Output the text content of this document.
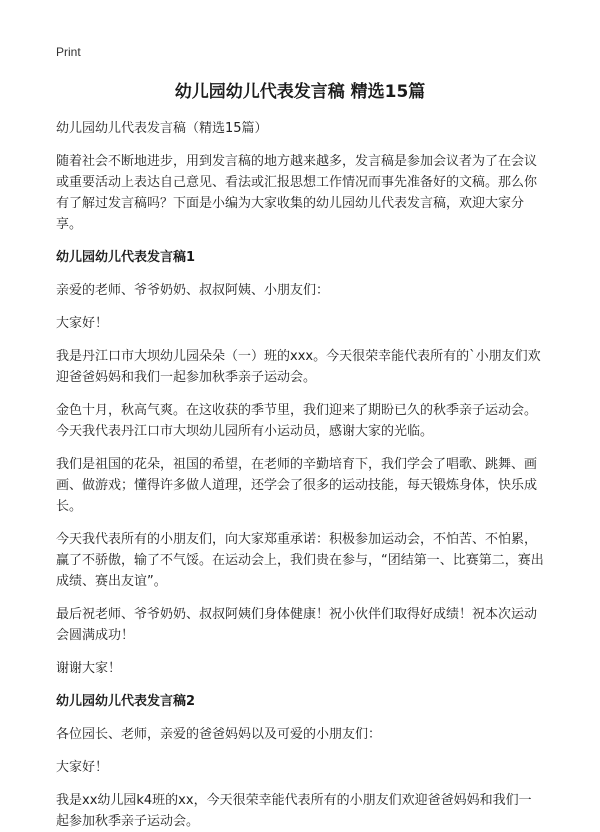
Print
幼儿园幼儿代表发言稿 精选15篇

幼儿园幼儿代表发言稿（精选15篇）

随着社会不断地进步，用到发言稿的地方越来越多，发言稿是参加会议者为了在会议或重要活动上表达自己意见、看法或汇报思想工作情况而事先准备好的文稿。那么你有了解过发言稿吗？下面是小编为大家收集的幼儿园幼儿代表发言稿，欢迎大家分享。

幼儿园幼儿代表发言稿1

亲爱的老师、爷爷奶奶、叔叔阿姨、小朋友们：

大家好！

我是丹江口市大坝幼儿园朵朵（一）班的xxx。今天很荣幸能代表所有的`小朋友们欢迎爸爸妈妈和我们一起参加秋季亲子运动会。

金色十月，秋高气爽。在这收获的季节里，我们迎来了期盼已久的秋季亲子运动会。今天我代表丹江口市大坝幼儿园所有小运动员，感谢大家的光临。

我们是祖国的花朵，祖国的希望，在老师的辛勤培育下，我们学会了唱歌、跳舞、画画、做游戏；懂得许多做人道理，还学会了很多的运动技能，每天锻炼身体，快乐成长。

今天我代表所有的小朋友们，向大家郑重承诺：积极参加运动会，不怕苦、不怕累，赢了不骄傲，输了不气馁。在运动会上，我们贵在参与，“团结第一、比赛第二，赛出成绩、赛出友谊”。

最后祝老师、爷爷奶奶、叔叔阿姨们身体健康！祝小伙伴们取得好成绩！祝本次运动会圆满成功！

谢谢大家！

幼儿园幼儿代表发言稿2

各位园长、老师，亲爱的爸爸妈妈以及可爱的小朋友们：

大家好！

我是xx幼儿园k4班的xx，今天很荣幸能代表所有的小朋友们欢迎爸爸妈妈和我们一起参加秋季亲子运动会。
